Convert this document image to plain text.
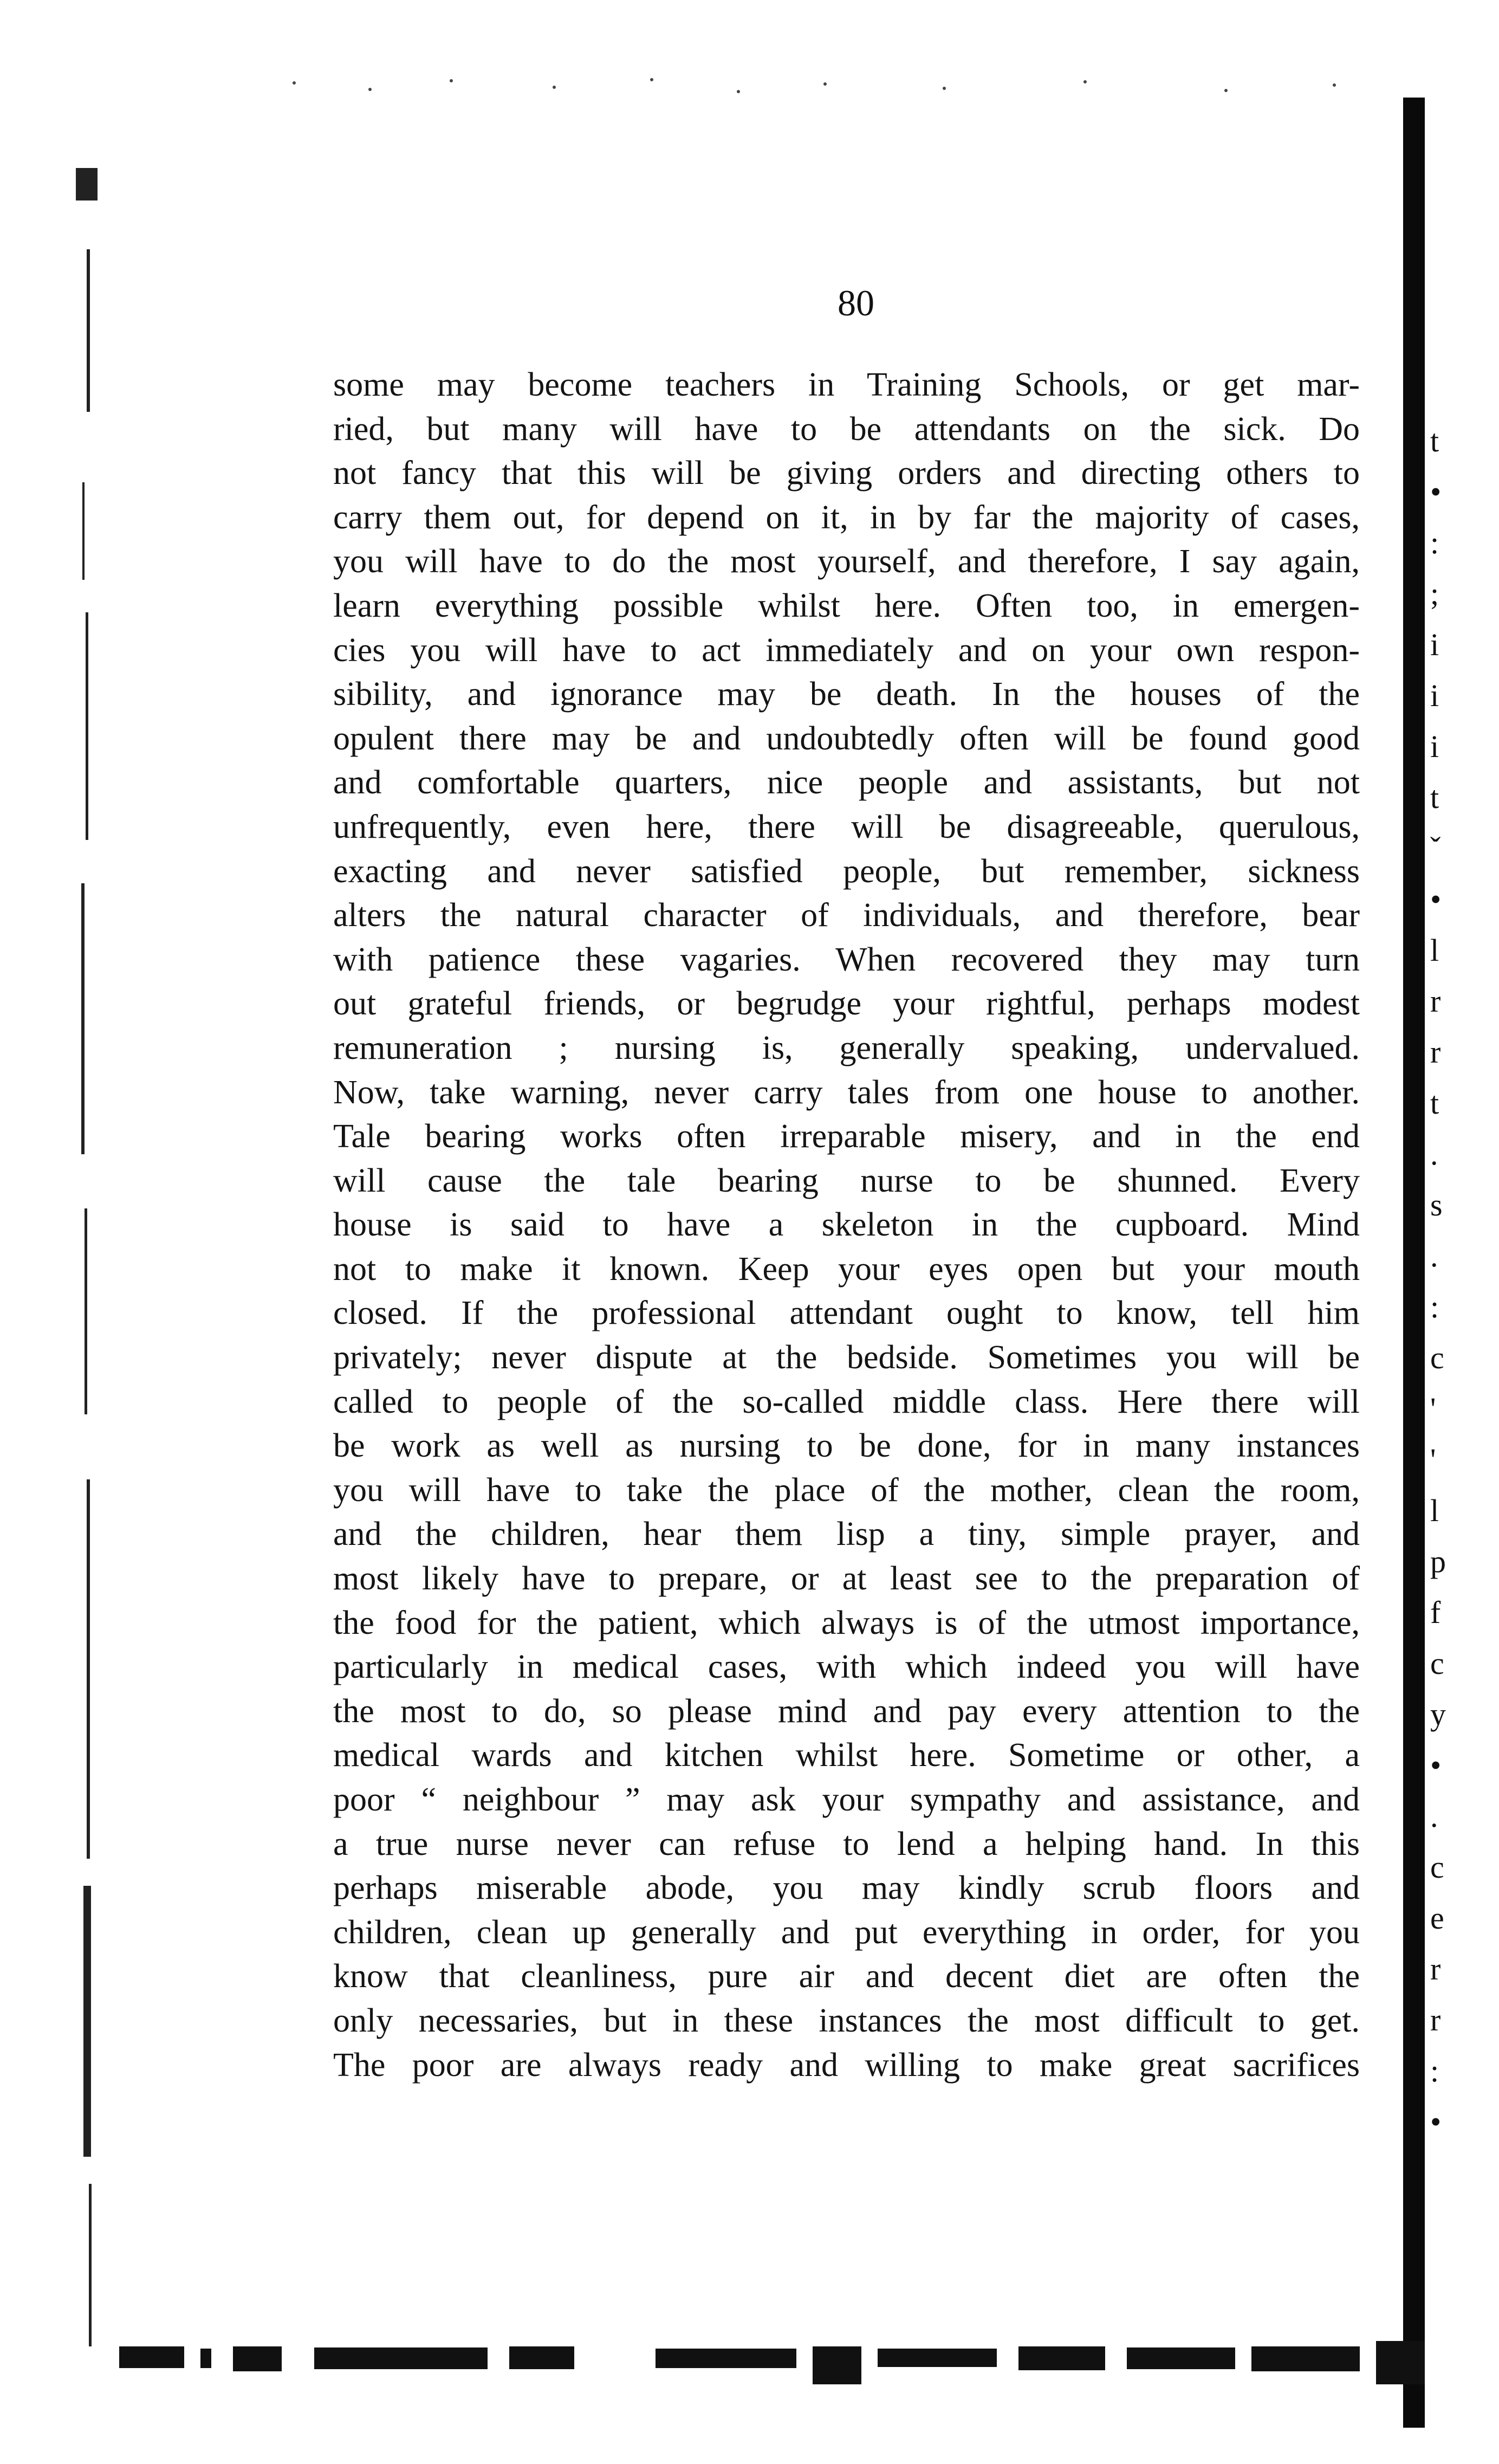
80
some may become teachers in Training Schools, or get mar-
ried, but many will have to be attendants on the sick. Do
not fancy that this will be giving orders and directing others to
carry them out, for depend on it, in by far the majority of cases,
you will have to do the most yourself, and therefore, I say again,
learn everything possible whilst here. Often too, in emergen-
cies you will have to act immediately and on your own respon-
sibility, and ignorance may be death. In the houses of the
opulent there may be and undoubtedly often will be found good
and comfortable quarters, nice people and assistants, but not
unfrequently, even here, there will be disagreeable, querulous,
exacting and never satisfied people, but remember, sickness
alters the natural character of individuals, and therefore, bear
with patience these vagaries. When recovered they may turn
out grateful friends, or begrudge your rightful, perhaps modest
remuneration ; nursing is, generally speaking, undervalued.
Now, take warning, never carry tales from one house to another.
Tale bearing works often irreparable misery, and in the end
will cause the tale bearing nurse to be shunned. Every
house is said to have a skeleton in the cupboard. Mind
not to make it known. Keep your eyes open but your mouth
closed. If the professional attendant ought to know, tell him
privately; never dispute at the bedside. Sometimes you will be
called to people of the so-called middle class. Here there will
be work as well as nursing to be done, for in many instances
you will have to take the place of the mother, clean the room,
and the children, hear them lisp a tiny, simple prayer, and
most likely have to prepare, or at least see to the preparation of
the food for the patient, which always is of the utmost importance,
particularly in medical cases, with which indeed you will have
the most to do, so please mind and pay every attention to the
medical wards and kitchen whilst here. Sometime or other, a
poor “ neighbour ” may ask your sympathy and assistance, and
a true nurse never can refuse to lend a helping hand. In this
perhaps miserable abode, you may kindly scrub floors and
children, clean up generally and put everything in order, for you
know that cleanliness, pure air and decent diet are often the
only necessaries, but in these instances the most difficult to get.
The poor are always ready and willing to make great sacrifices
t
•
:
;
i
i
i
t
ˇ
•
l
r
r
t
.
s
.
:
c
'
'
l
p
f
c
y
•
.
c
e
r
r
:
•
